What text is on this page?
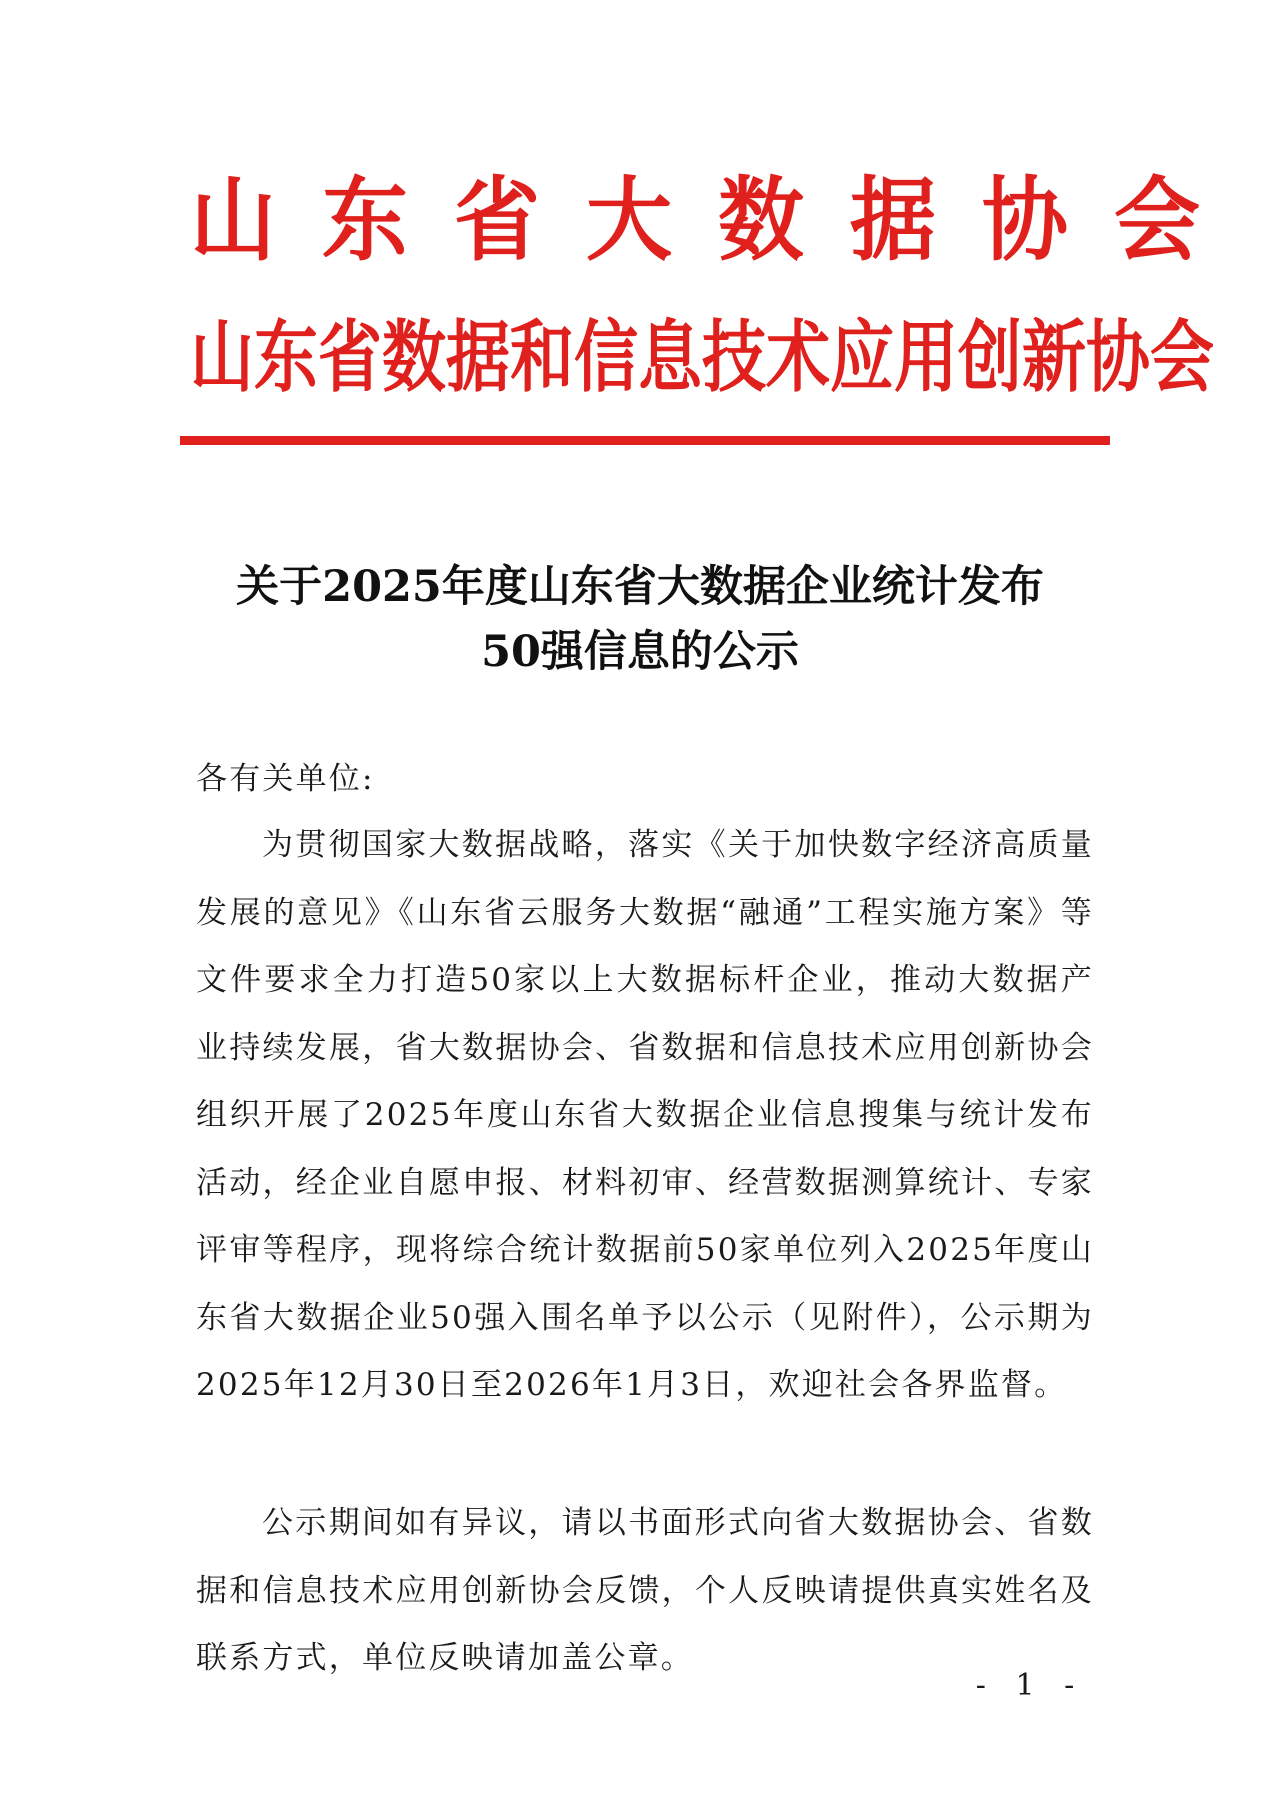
山东省大数据协会
山东省数据和信息技术应用创新协会
关于2025年度山东省大数据企业统计发布
50强信息的公示
各有关单位:
为贯彻国家大数据战略，落实《关于加快数字经济高质量发展的意见》《山东省云服务大数据“融通”工程实施方案》等文件要求全力打造50家以上大数据标杆企业，推动大数据产业持续发展，省大数据协会、省数据和信息技术应用创新协会组织开展了2025年度山东省大数据企业信息搜集与统计发布活动，经企业自愿申报、材料初审、经营数据测算统计、专家评审等程序，现将综合统计数据前50家单位列入2025年度山东省大数据企业50强入围名单予以公示（见附件），公示期为2025年12月30日至2026年1月3日，欢迎社会各界监督。
公示期间如有异议，请以书面形式向省大数据协会、省数据和信息技术应用创新协会反馈，个人反映请提供真实姓名及联系方式，单位反映请加盖公章。
- 1 -
